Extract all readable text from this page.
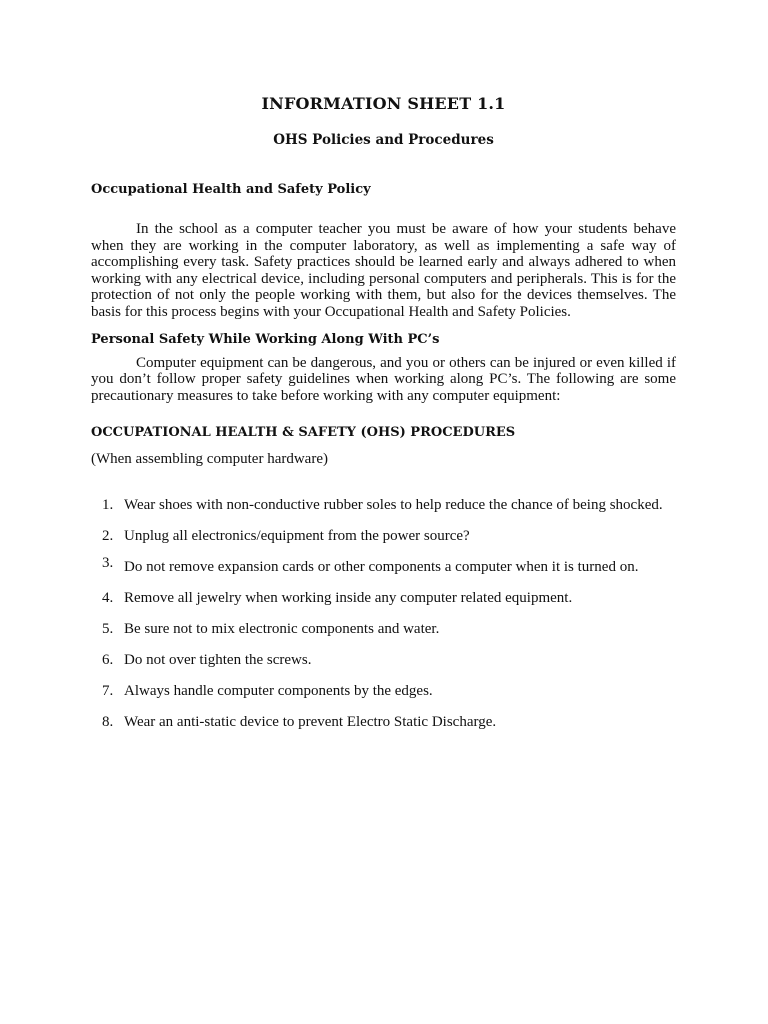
INFORMATION SHEET 1.1
OHS Policies and Procedures
Occupational Health and Safety Policy

In the school as a computer teacher you must be aware of how your students behave when they are working in the computer laboratory, as well as implementing a safe way of accomplishing every task. Safety practices should be learned early and always adhered to when working with any electrical device, including personal computers and peripherals. This is for the protection of not only the people working with them, but also for the devices themselves. The basis for this process begins with your Occupational Health and Safety Policies.

Personal Safety While Working Along With PC’s

Computer equipment can be dangerous, and you or others can be injured or even killed if you don’t follow proper safety guidelines when working along PC’s. The following are some precautionary measures to take before working with any computer equipment:

OCCUPATIONAL HEALTH & SAFETY (OHS) PROCEDURES
(When assembling computer hardware)
1. Wear shoes with non-conductive rubber soles to help reduce the chance of being shocked.
2. Unplug all electronics/equipment from the power source?
3. Do not remove expansion cards or other components a computer when it is turned on.
4. Remove all jewelry when working inside any computer related equipment.
5. Be sure not to mix electronic components and water.
6. Do not over tighten the screws.
7. Always handle computer components by the edges.
8. Wear an anti-static device to prevent Electro Static Discharge.
